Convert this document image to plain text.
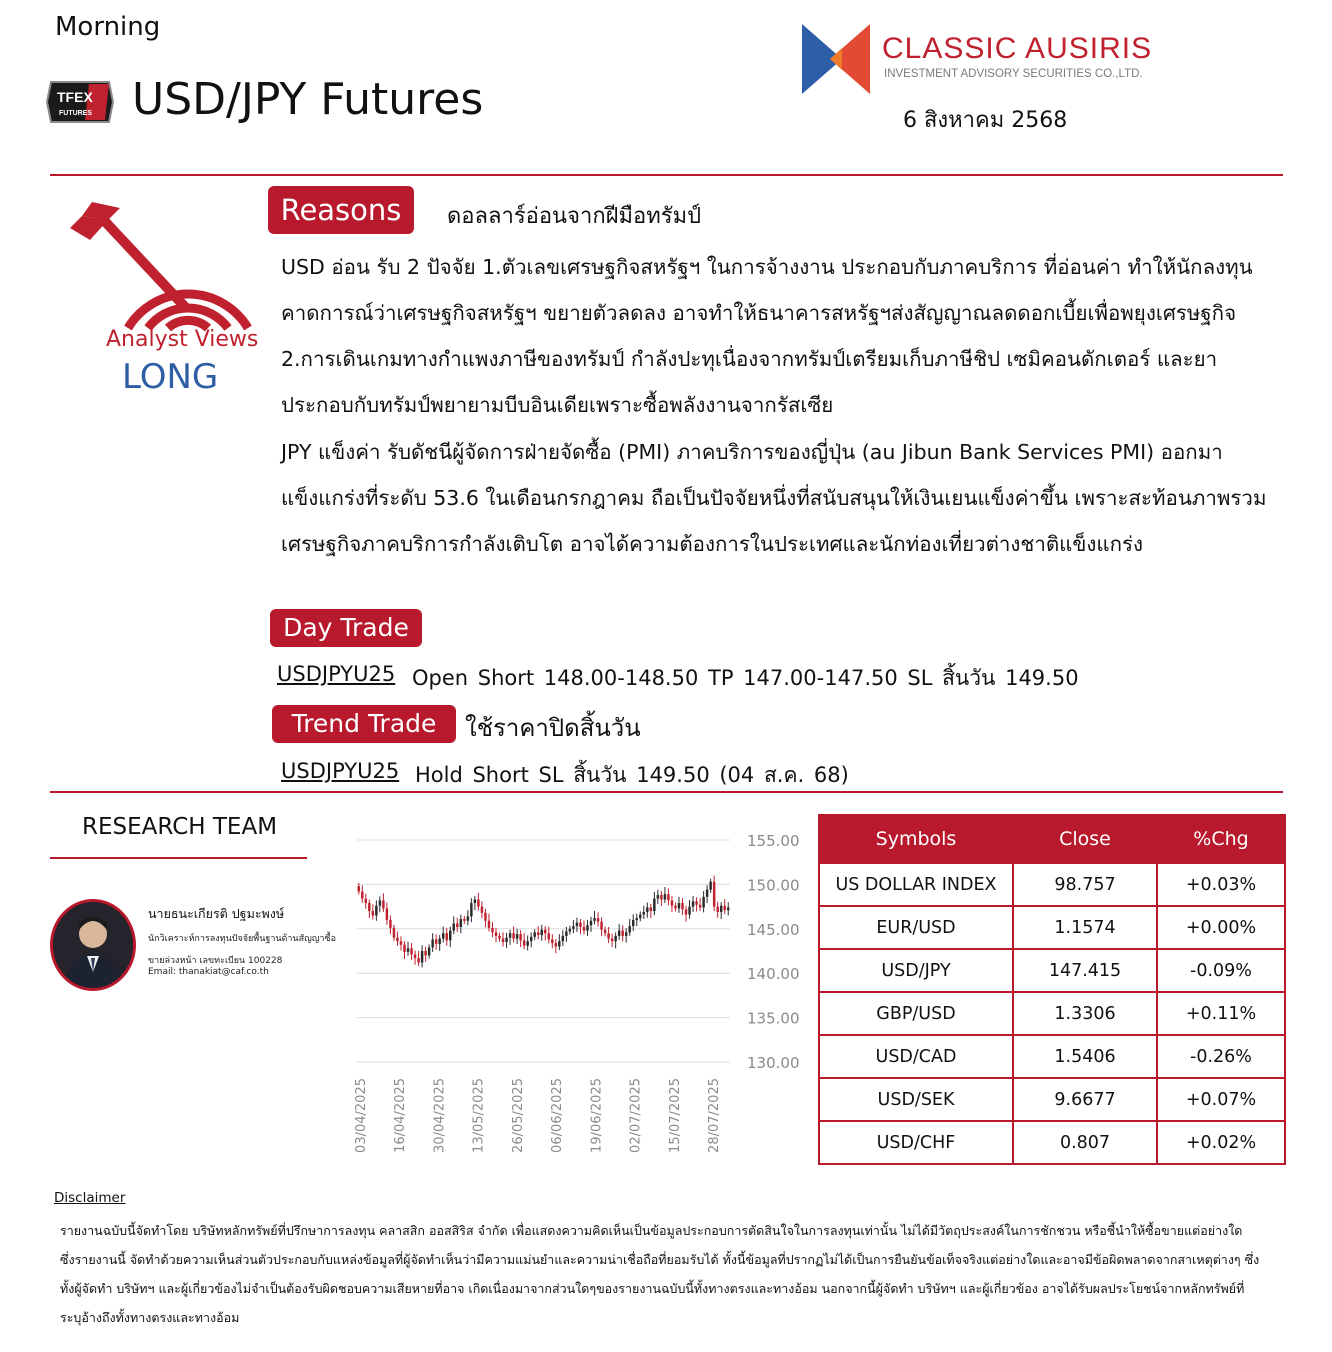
Morning
TFEX
FUTURES USD/JPY Futures
CLASSIC AUSIRIS
INVESTMENT ADVISORY SECURITIES CO.,LTD.
6 สิงหาคม 2568
Analyst Views
LONG
Reasons	ดอลลาร์อ่อนจากฝีมือทรัมป์
USD อ่อน รับ 2 ปัจจัย 1.ตัวเลขเศรษฐกิจสหรัฐฯ ในการจ้างงาน ประกอบกับภาคบริการ ที่อ่อนค่า ทำให้นักลงทุนคาดการณ์ว่าเศรษฐกิจสหรัฐฯ ขยายตัวลดลง อาจทำให้ธนาคารสหรัฐฯส่งสัญญาณลดดอกเบี้ยเพื่อพยุงเศรษฐกิจ 2.การเดินเกมทางกำแพงภาษีของทรัมป์ กำลังปะทุเนื่องจากทรัมป์เตรียมเก็บภาษีชิป เซมิคอนดักเตอร์ และยา ประกอบกับทรัมป์พยายามบีบอินเดียเพราะซื้อพลังงานจากรัสเซีย
JPY แข็งค่า รับดัชนีผู้จัดการฝ่ายจัดซื้อ (PMI) ภาคบริการของญี่ปุ่น (au Jibun Bank Services PMI) ออกมาแข็งแกร่งที่ระดับ 53.6 ในเดือนกรกฎาคม ถือเป็นปัจจัยหนึ่งที่สนับสนุนให้เงินเยนแข็งค่าขึ้น เพราะสะท้อนภาพรวมเศรษฐกิจภาคบริการกำลังเติบโต อาจได้ความต้องการในประเทศและนักท่องเที่ยวต่างชาติแข็งแกร่ง
Day Trade
USDJPYU25 Open Short 148.00-148.50 TP 147.00-147.50 SL สิ้นวัน 149.50
Trend Trade	ใช้ราคาปิดสิ้นวัน
USDJPYU25 Hold Short SL สิ้นวัน 149.50 (04 ส.ค. 68)
RESEARCH TEAM
นายธนะเกียรติ ปฐมะพงษ์
นักวิเคราะห์การลงทุนปัจจัยพื้นฐานด้านสัญญาซื้อขายล่วงหน้า เลขทะเบียน 100228
Email: thanakiat@caf.co.th
155.00
150.00
145.00
140.00
135.00
130.00
03/04/2025 16/04/2025 30/04/2025 13/05/2025 26/05/2025 06/06/2025 19/06/2025 02/07/2025 15/07/2025 28/07/2025
Symbols	Close	%Chg
US DOLLAR INDEX	98.757	+0.03%
EUR/USD	1.1574	+0.00%
USD/JPY	147.415	-0.09%
GBP/USD	1.3306	+0.11%
USD/CAD	1.5406	-0.26%
USD/SEK	9.6677	+0.07%
USD/CHF	0.807	+0.02%
Disclaimer
รายงานฉบับนี้จัดทำโดย บริษัทหลักทรัพย์ที่ปรึกษาการลงทุน คลาสสิก ออสสิริส จำกัด เพื่อแสดงความคิดเห็นเป็นข้อมูลประกอบการตัดสินใจในการลงทุนเท่านั้น ไม่ได้มีวัตถุประสงค์ในการชักชวน หรือชี้นำให้ซื้อขายแต่อย่างใด ซึ่งรายงานนี้ จัดทำด้วยความเห็นส่วนตัวประกอบกับแหล่งข้อมูลที่ผู้จัดทำเห็นว่ามีความแม่นยำและความน่าเชื่อถือที่ยอมรับได้ ทั้งนี้ข้อมูลที่ปรากฏไม่ได้เป็นการยืนยันข้อเท็จจริงแต่อย่างใดและอาจมีข้อผิดพลาดจากสาเหตุต่างๆ ซึ่งทั้งผู้จัดทำ บริษัทฯ และผู้เกี่ยวข้องไม่จำเป็นต้องรับผิดชอบความเสียหายที่อาจ เกิดเนื่องมาจากส่วนใดๆของรายงานฉบับนี้ทั้งทางตรงและทางอ้อม นอกจากนี้ผู้จัดทำ บริษัทฯ และผู้เกี่ยวข้อง อาจได้รับผลประโยชน์จากหลักทรัพย์ที่ระบุอ้างถึงทั้งทางตรงและทางอ้อม
